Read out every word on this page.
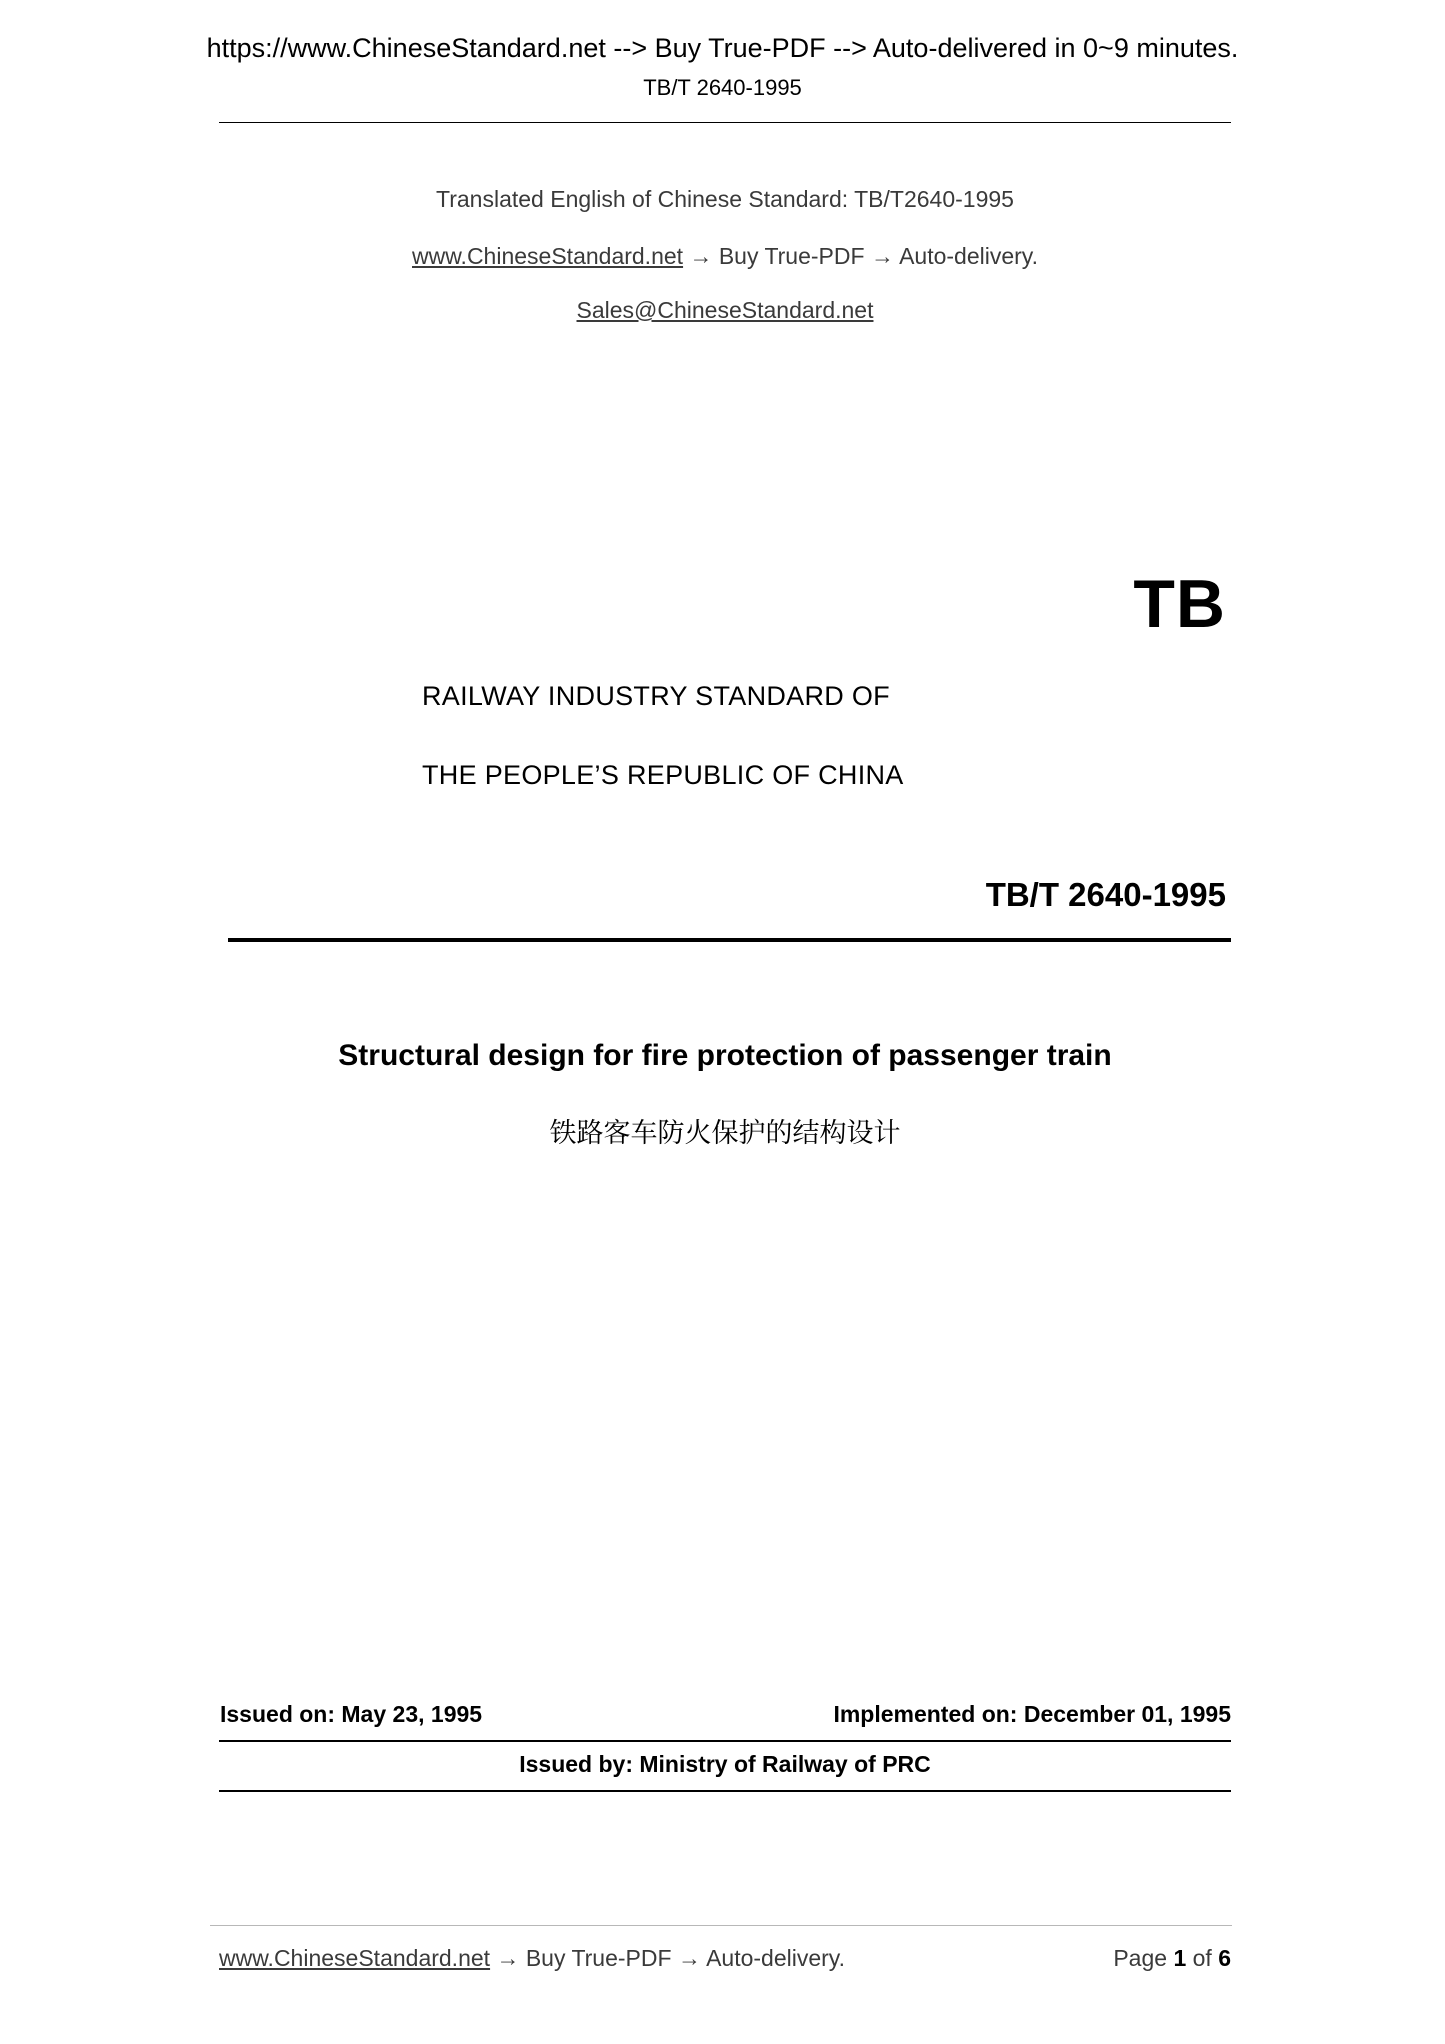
https://www.ChineseStandard.net --> Buy True-PDF --> Auto-delivered in 0~9 minutes.
TB/T 2640-1995
Translated English of Chinese Standard: TB/T2640-1995
www.ChineseStandard.net → Buy True-PDF → Auto-delivery.
Sales@ChineseStandard.net
TB
RAILWAY INDUSTRY STANDARD OF
THE PEOPLE’S REPUBLIC OF CHINA
TB/T 2640-1995
Structural design for fire protection of passenger train
铁路客车防火保护的结构设计
Issued on: May 23, 1995	Implemented on: December 01, 1995
Issued by: Ministry of Railway of PRC
www.ChineseStandard.net → Buy True-PDF → Auto-delivery.	Page 1 of 6
